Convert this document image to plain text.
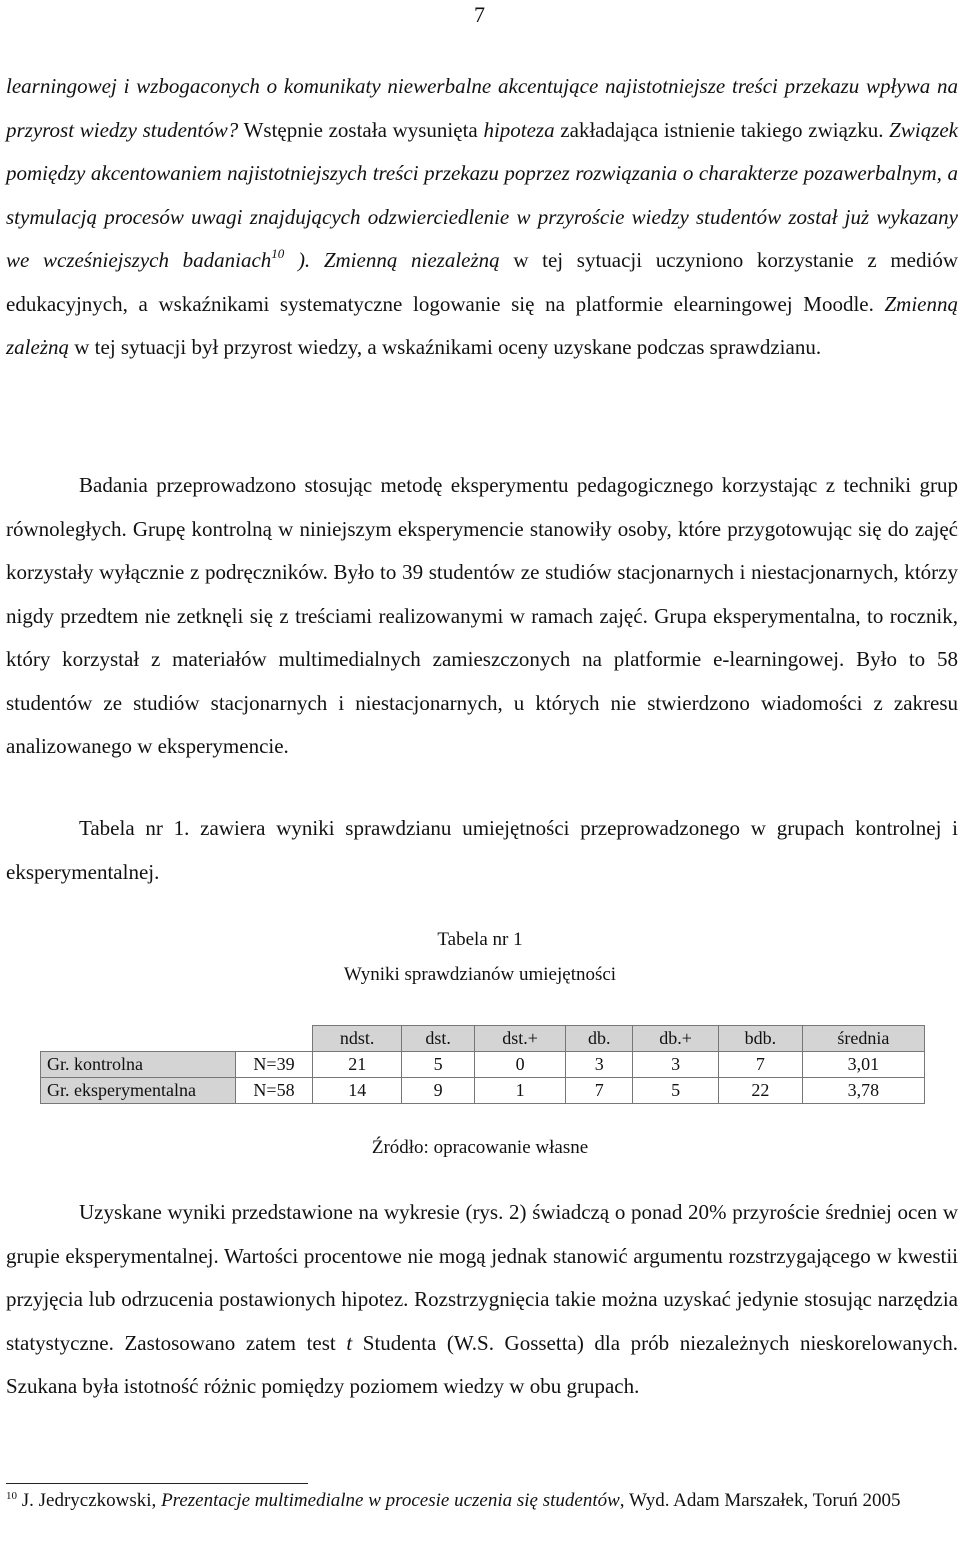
7

learningowej i wzbogaconych o komunikaty niewerbalne akcentujące najistotniejsze treści przekazu wpływa na przyrost wiedzy studentów? Wstępnie została wysunięta hipoteza zakładająca istnienie takiego związku. Związek pomiędzy akcentowaniem najistotniejszych treści przekazu poprzez rozwiązania o charakterze pozawerbalnym, a stymulacją procesów uwagi znajdujących odzwierciedlenie w przyroście wiedzy studentów został już wykazany we wcześniejszych badaniach$^{10}$ ). Zmienną niezależną w tej sytuacji uczyniono korzystanie z mediów edukacyjnych, a wskaźnikami systematyczne logowanie się na platformie elearningowej Moodle. Zmienną zależną w tej sytuacji był przyrost wiedzy, a wskaźnikami oceny uzyskane podczas sprawdzianu.

Badania przeprowadzono stosując metodę eksperymentu pedagogicznego korzystając z techniki grup równoległych. Grupę kontrolną w niniejszym eksperymencie stanowiły osoby, które przygotowując się do zajęć korzystały wyłącznie z podręczników. Było to 39 studentów ze studiów stacjonarnych i niestacjonarnych, którzy nigdy przedtem nie zetknęli się z treściami realizowanymi w ramach zajęć. Grupa eksperymentalna, to rocznik, który korzystał z materiałów multimedialnych zamieszczonych na platformie e-learningowej. Było to 58 studentów ze studiów stacjonarnych i niestacjonarnych, u których nie stwierdzono wiadomości z zakresu analizowanego w eksperymencie.

Tabela nr 1. zawiera wyniki sprawdzianu umiejętności przeprowadzonego w grupach kontrolnej i eksperymentalnej.

Tabela nr 1
Wyniki sprawdzianów umiejętności
		ndst.	dst.	dst.+	db.	db.+	bdb.	średnia
Gr. kontrolna	N=39	21	5	0	3	3	7	3,01
Gr. eksperymentalna	N=58	14	9	1	7	5	22	3,78
Źródło: opracowanie własne

Uzyskane wyniki przedstawione na wykresie (rys. 2) świadczą o ponad 20% przyroście średniej ocen w grupie eksperymentalnej. Wartości procentowe nie mogą jednak stanowić argumentu rozstrzygającego w kwestii przyjęcia lub odrzucenia postawionych hipotez. Rozstrzygnięcia takie można uzyskać jedynie stosując narzędzia statystyczne. Zastosowano zatem test t Studenta (W.S. Gossetta) dla prób niezależnych nieskorelowanych. Szukana była istotność różnic pomiędzy poziomem wiedzy w obu grupach.

$^{10}$ J. Jedryczkowski, Prezentacje multimedialne w procesie uczenia się studentów, Wyd. Adam Marszałek, Toruń 2005
